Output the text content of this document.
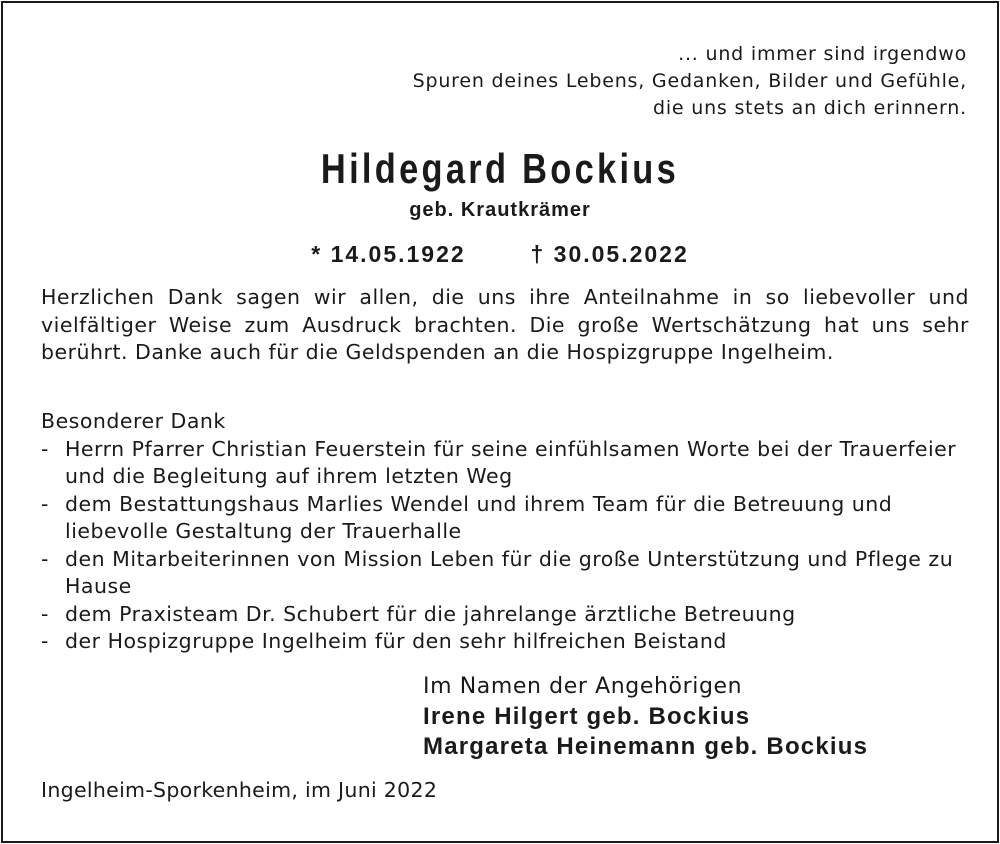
... und immer sind irgendwo
Spuren deines Lebens, Gedanken, Bilder und Gefühle,
die uns stets an dich erinnern.
Hildegard Bockius
geb. Krautkrämer
* 14.05.1922	† 30.05.2022
Herzlichen Dank sagen wir allen, die uns ihre Anteilnahme in so liebevoller und vielfältiger Weise zum Ausdruck brachten. Die große Wertschätzung hat uns sehr berührt. Danke auch für die Geldspenden an die Hospizgruppe Ingelheim.
Besonderer Dank
- Herrn Pfarrer Christian Feuerstein für seine einfühlsamen Worte bei der Trauerfeier und die Begleitung auf ihrem letzten Weg
- dem Bestattungshaus Marlies Wendel und ihrem Team für die Betreuung und liebevolle Gestaltung der Trauerhalle
- den Mitarbeiterinnen von Mission Leben für die große Unterstützung und Pflege zu Hause
- dem Praxisteam Dr. Schubert für die jahrelange ärztliche Betreuung
- der Hospizgruppe Ingelheim für den sehr hilfreichen Beistand
Im Namen der Angehörigen
Irene Hilgert geb. Bockius
Margareta Heinemann geb. Bockius
Ingelheim-Sporkenheim, im Juni 2022
